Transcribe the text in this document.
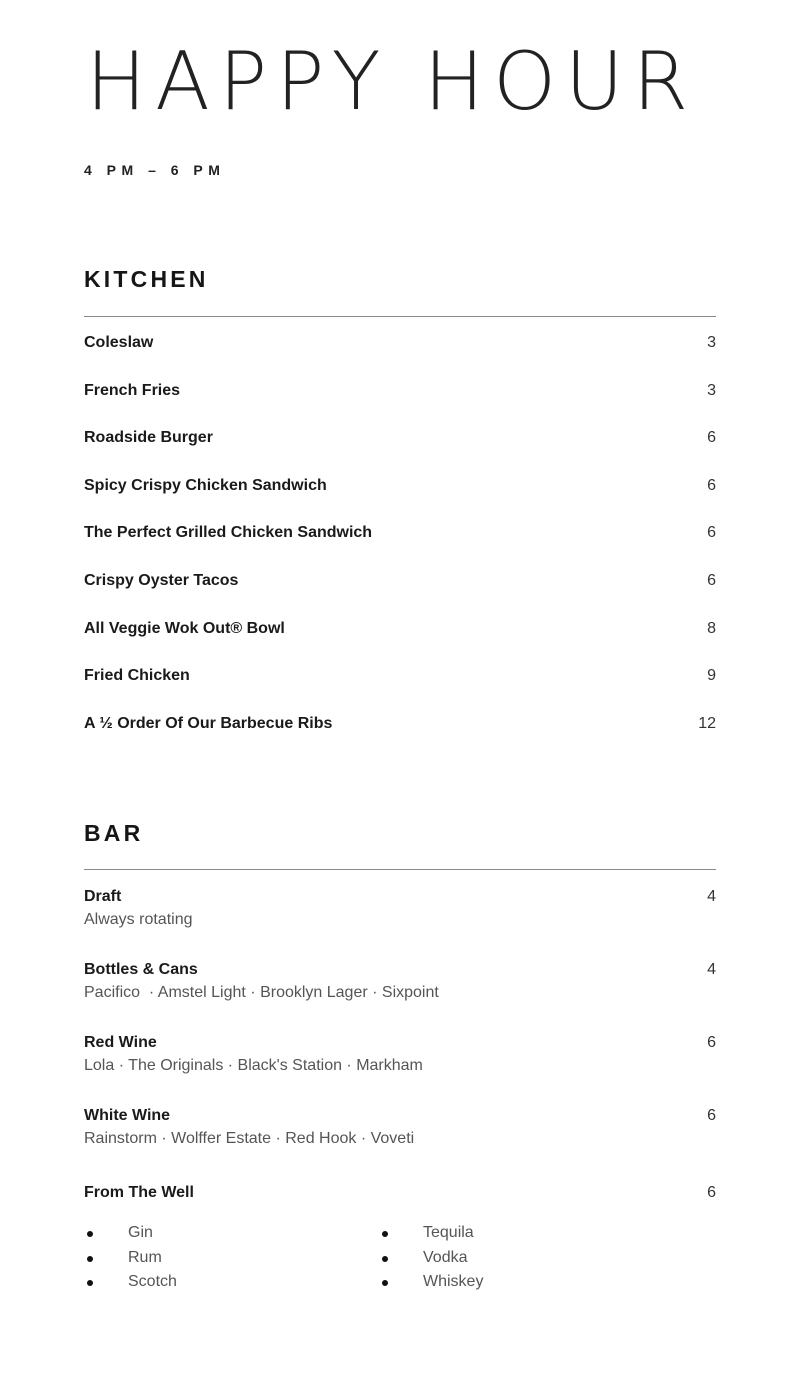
HAPPY HOUR
4 PM – 6 PM
KITCHEN
Coleslaw	3
French Fries	3
Roadside Burger	6
Spicy Crispy Chicken Sandwich	6
The Perfect Grilled Chicken Sandwich	6
Crispy Oyster Tacos	6
All Veggie Wok Out® Bowl	8
Fried Chicken	9
A ½ Order Of Our Barbecue Ribs	12
BAR
Draft	4
Always rotating
Bottles & Cans	4
Pacifico  · Amstel Light · Brooklyn Lager · Sixpoint
Red Wine	6
Lola · The Originals · Black's Station · Markham
White Wine	6
Rainstorm · Wolffer Estate · Red Hook · Voveti
From The Well	6
Gin
Rum
Scotch
Tequila
Vodka
Whiskey
